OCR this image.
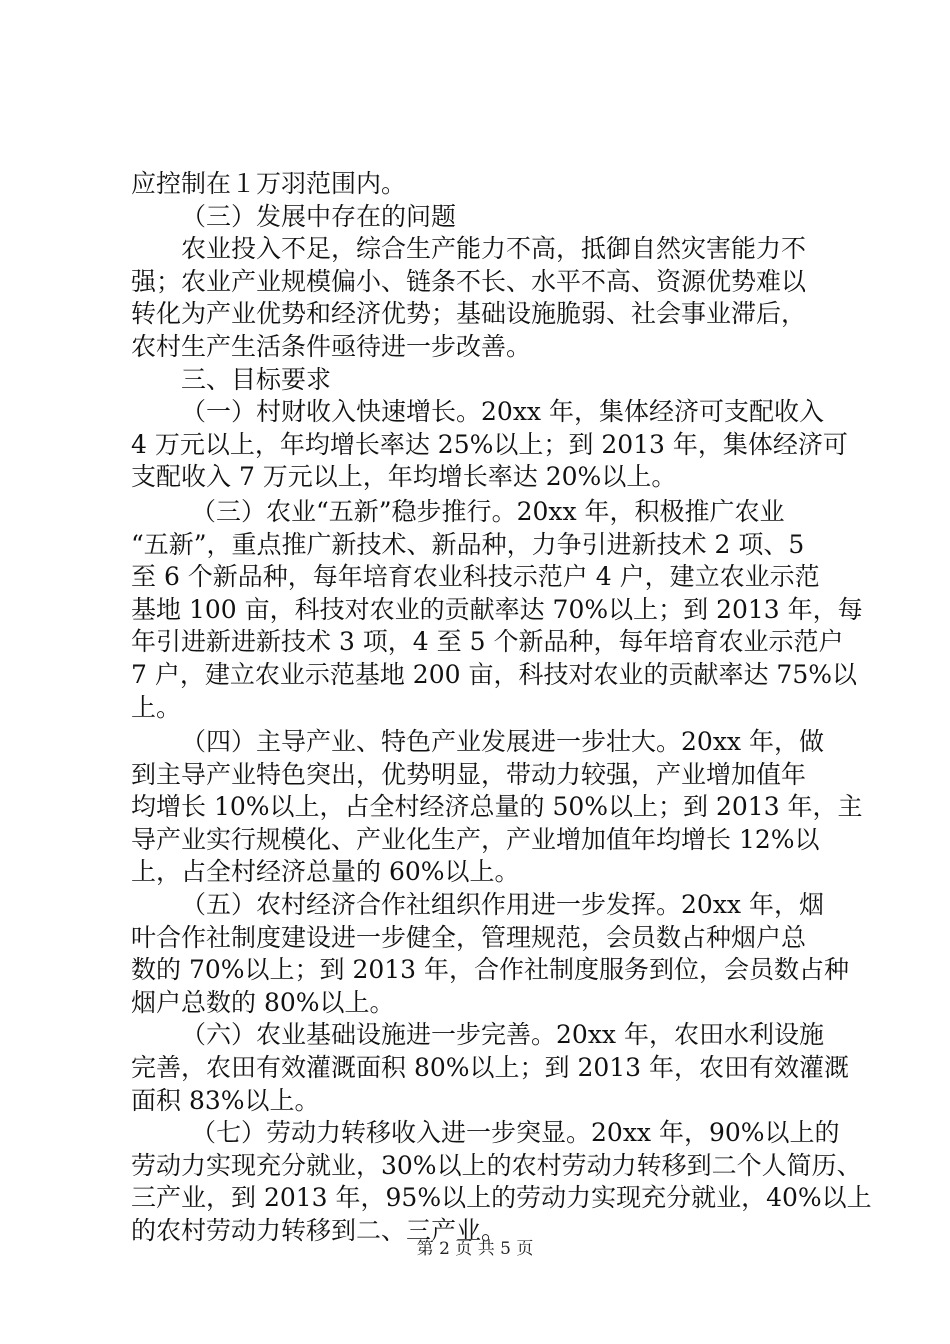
应控制在１万羽范围内。
（三）发展中存在的问题
农业投入不足，综合生产能力不高，抵御自然灾害能力不
强；农业产业规模偏小、链条不长、水平不高、资源优势难以
转化为产业优势和经济优势；基础设施脆弱、社会事业滞后，
农村生产生活条件亟待进一步改善。
三、目标要求
（一）村财收入快速增长。20xx 年，集体经济可支配收入
4 万元以上，年均增长率达 25%以上；到 2013 年，集体经济可
支配收入 7 万元以上，年均增长率达 20%以上。
（三）农业“五新”稳步推行。20xx 年，积极推广农业
“五新”，重点推广新技术、新品种，力争引进新技术 2 项、5
至 6 个新品种，每年培育农业科技示范户 4 户，建立农业示范
基地 100 亩，科技对农业的贡献率达 70%以上；到 2013 年，每
年引进新进新技术 3 项，4 至 5 个新品种，每年培育农业示范户
7 户，建立农业示范基地 200 亩，科技对农业的贡献率达 75%以
上。
（四）主导产业、特色产业发展进一步壮大。20xx 年，做
到主导产业特色突出，优势明显，带动力较强，产业增加值年
均增长 10%以上，占全村经济总量的 50%以上；到 2013 年，主
导产业实行规模化、产业化生产，产业增加值年均增长 12%以
上，占全村经济总量的 60%以上。
（五）农村经济合作社组织作用进一步发挥。20xx 年，烟
叶合作社制度建设进一步健全，管理规范，会员数占种烟户总
数的 70%以上；到 2013 年，合作社制度服务到位，会员数占种
烟户总数的 80%以上。
（六）农业基础设施进一步完善。20xx 年，农田水利设施
完善，农田有效灌溉面积 80%以上；到 2013 年，农田有效灌溉
面积 83%以上。
（七）劳动力转移收入进一步突显。20xx 年，90%以上的
劳动力实现充分就业，30%以上的农村劳动力转移到二个人简历、
三产业，到 2013 年，95%以上的劳动力实现充分就业，40%以上
的农村劳动力转移到二、三产业。
第 2 页 共 5 页
